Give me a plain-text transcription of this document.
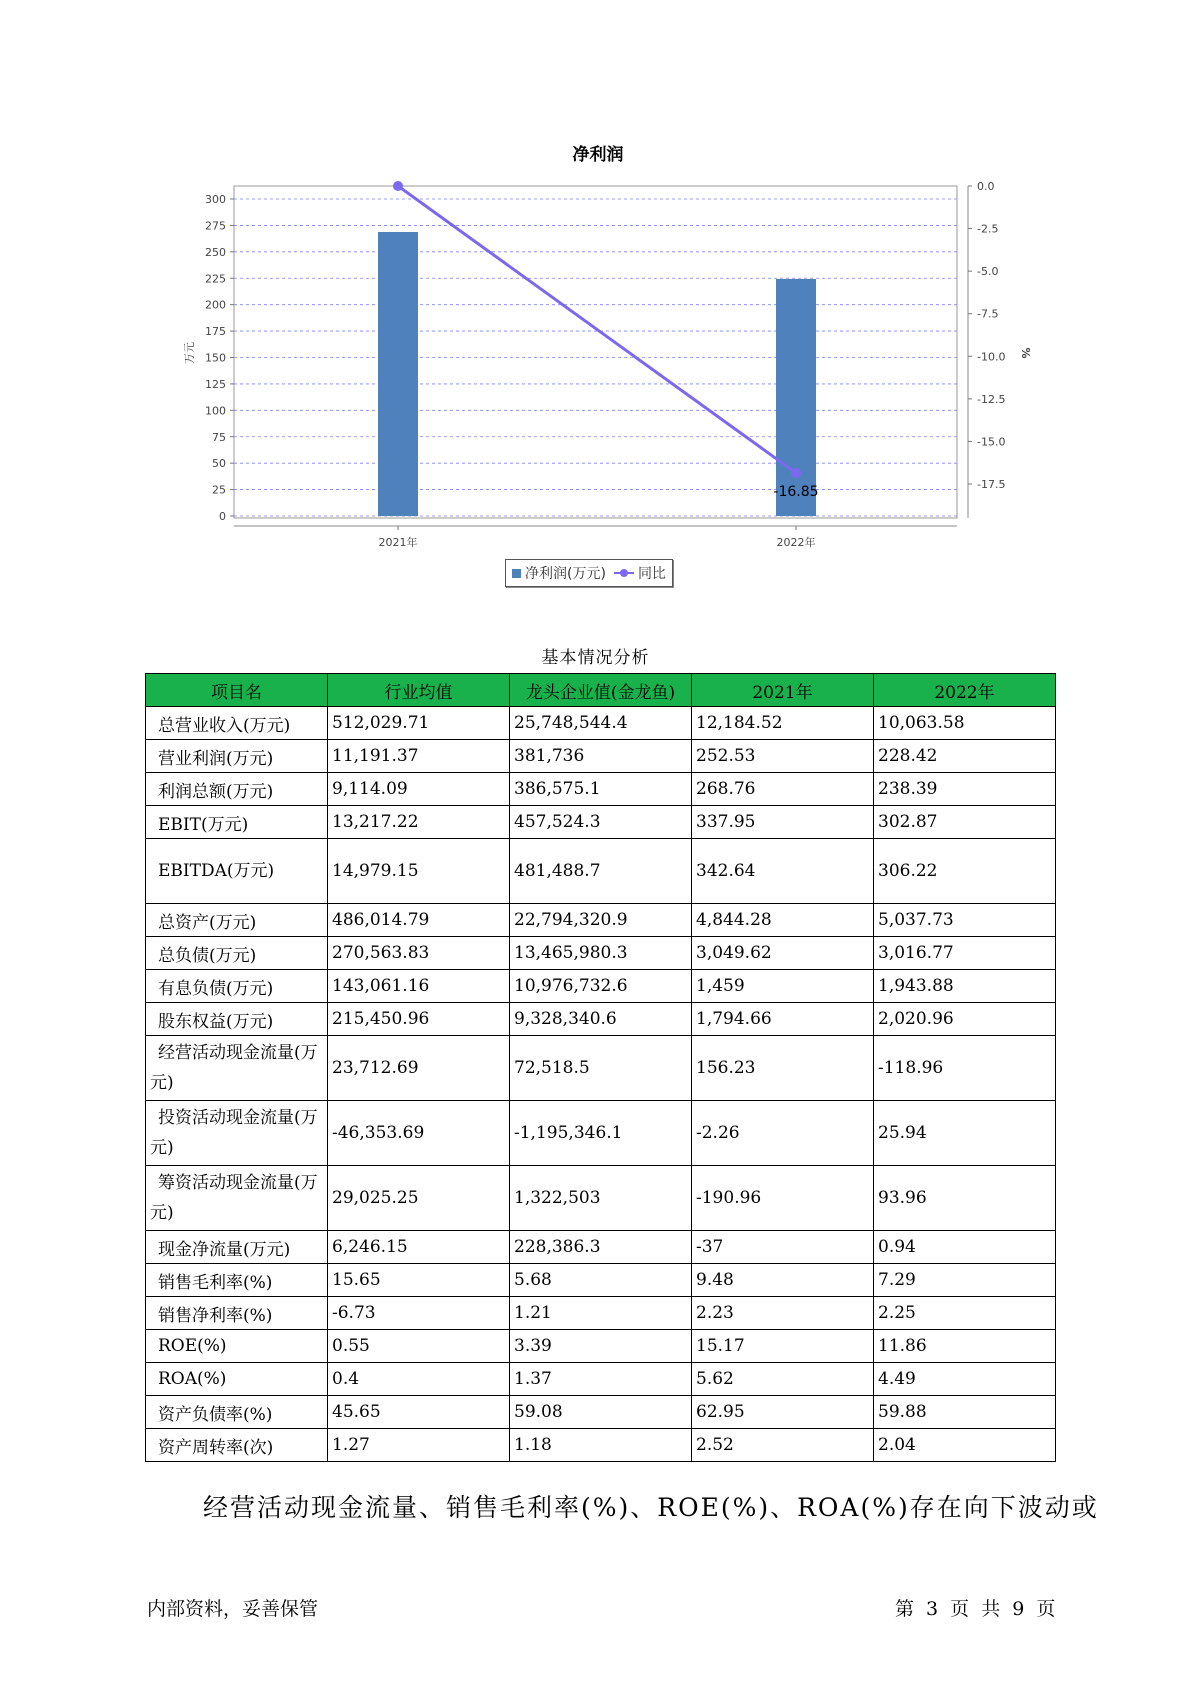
净利润
0
25
50
75
100
125
150
175
200
225
250
275
300
0.0
-2.5
-5.0
-7.5
-10.0
-12.5
-15.0
-17.5
万元	%
2021年	2022年
-16.85
净利润(万元) 同比
基本情况分析
项目名	行业均值	龙头企业值(金龙鱼)	2021年	2022年
总营业收入(万元)	512,029.71	25,748,544.4	12,184.52	10,063.58
营业利润(万元)	11,191.37	381,736	252.53	228.42
利润总额(万元)	9,114.09	386,575.1	268.76	238.39
EBIT(万元)	13,217.22	457,524.3	337.95	302.87
EBITDA(万元)	14,979.15	481,488.7	342.64	306.22
总资产(万元)	486,014.79	22,794,320.9	4,844.28	5,037.73
总负债(万元)	270,563.83	13,465,980.3	3,049.62	3,016.77
有息负债(万元)	143,061.16	10,976,732.6	1,459	1,943.88
股东权益(万元)	215,450.96	9,328,340.6	1,794.66	2,020.96
经营活动现金流量(万元)	23,712.69	72,518.5	156.23	-118.96
投资活动现金流量(万元)	-46,353.69	-1,195,346.1	-2.26	25.94
筹资活动现金流量(万元)	29,025.25	1,322,503	-190.96	93.96
现金净流量(万元)	6,246.15	228,386.3	-37	0.94
销售毛利率(%)	15.65	5.68	9.48	7.29
销售净利率(%)	-6.73	1.21	2.23	2.25
ROE(%)	0.55	3.39	15.17	11.86
ROA(%)	0.4	1.37	5.62	4.49
资产负债率(%)	45.65	59.08	62.95	59.88
资产周转率(次)	1.27	1.18	2.52	2.04
经营活动现金流量、销售毛利率(%)、ROE(%)、ROA(%)存在向下波动或
内部资料，妥善保管	第 3 页 共 9 页
